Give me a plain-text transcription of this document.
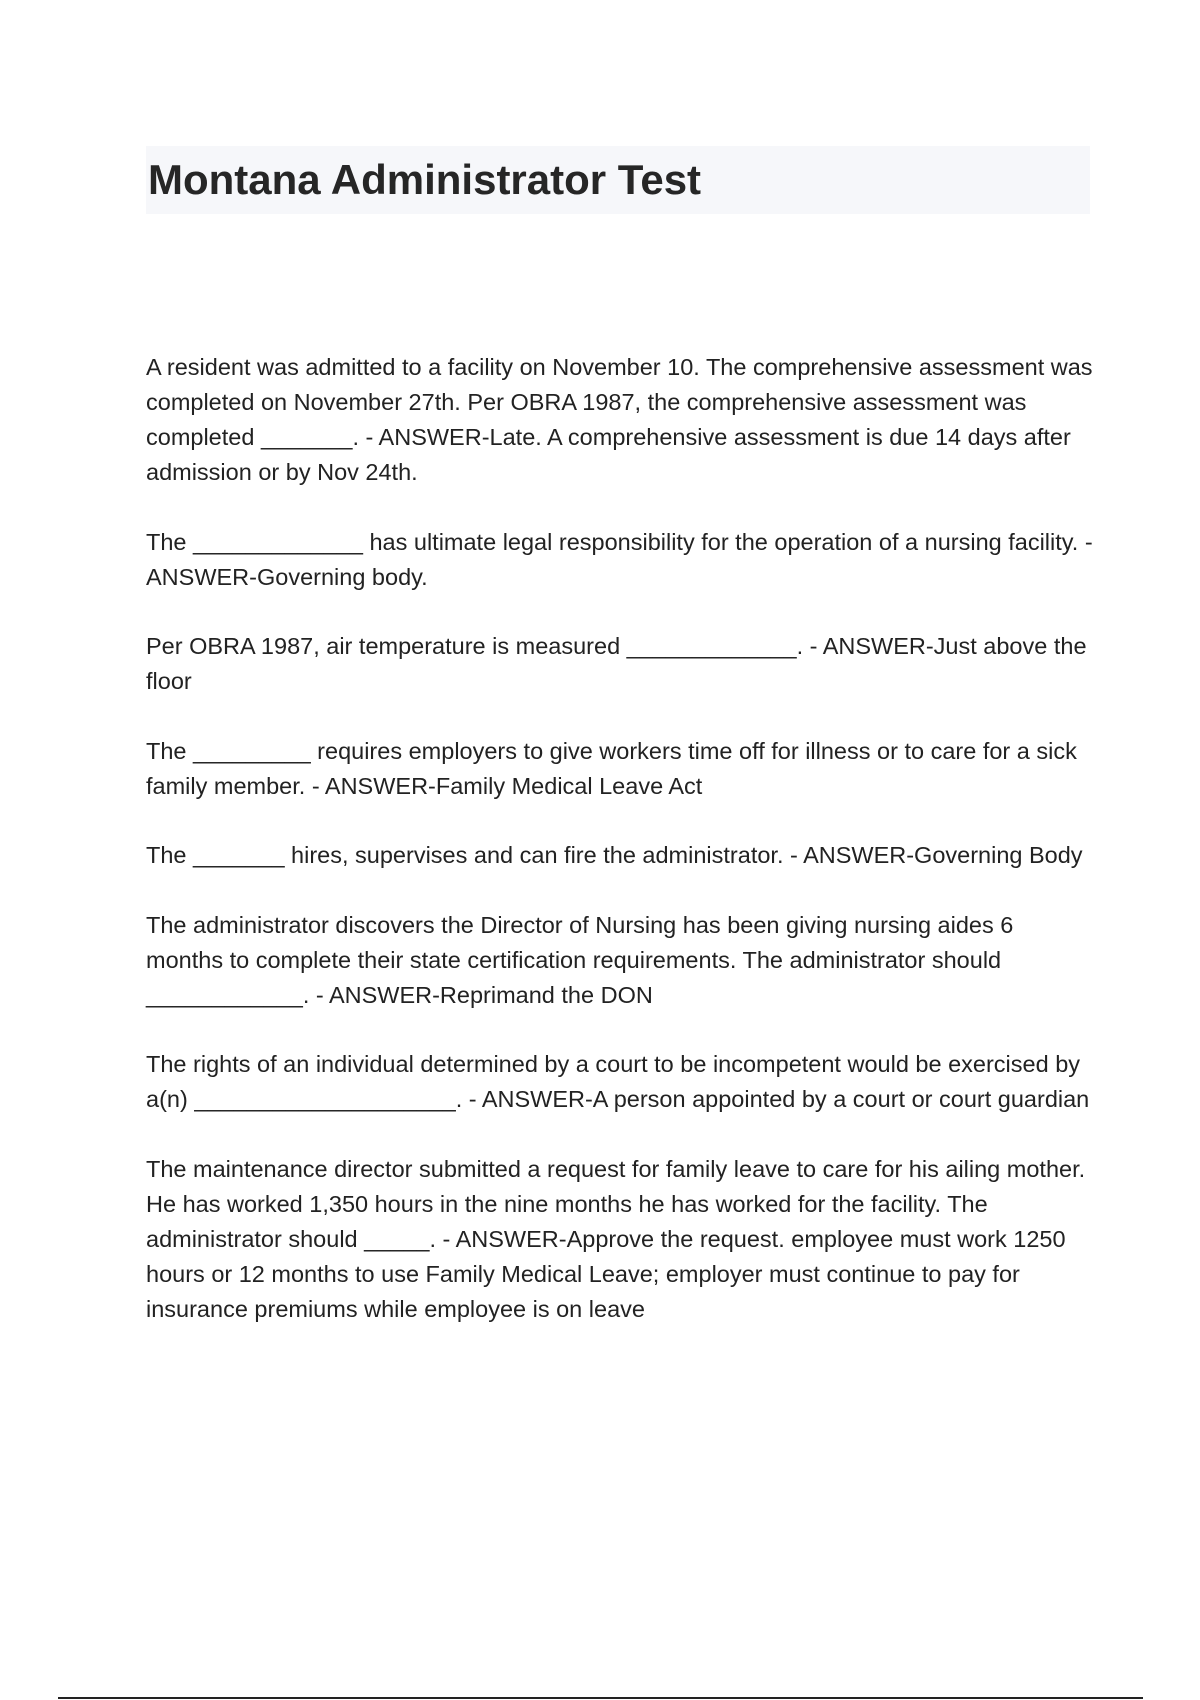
Montana Administrator Test

A resident was admitted to a facility on November 10. The comprehensive assessment was completed on November 27th. Per OBRA 1987, the comprehensive assessment was completed _______. - ANSWER-Late. A comprehensive assessment is due 14 days after admission or by Nov 24th.

The _____________ has ultimate legal responsibility for the operation of a nursing facility. - ANSWER-Governing body.

Per OBRA 1987, air temperature is measured _____________. - ANSWER-Just above the floor

The _________ requires employers to give workers time off for illness or to care for a sick family member. - ANSWER-Family Medical Leave Act

The _______ hires, supervises and can fire the administrator. - ANSWER-Governing Body

The administrator discovers the Director of Nursing has been giving nursing aides 6 months to complete their state certification requirements. The administrator should ____________. - ANSWER-Reprimand the DON

The rights of an individual determined by a court to be incompetent would be exercised by a(n) ____________________. - ANSWER-A person appointed by a court or court guardian

The maintenance director submitted a request for family leave to care for his ailing mother. He has worked 1,350 hours in the nine months he has worked for the facility. The administrator should _____. - ANSWER-Approve the request. employee must work 1250 hours or 12 months to use Family Medical Leave; employer must continue to pay for insurance premiums while employee is on leave
